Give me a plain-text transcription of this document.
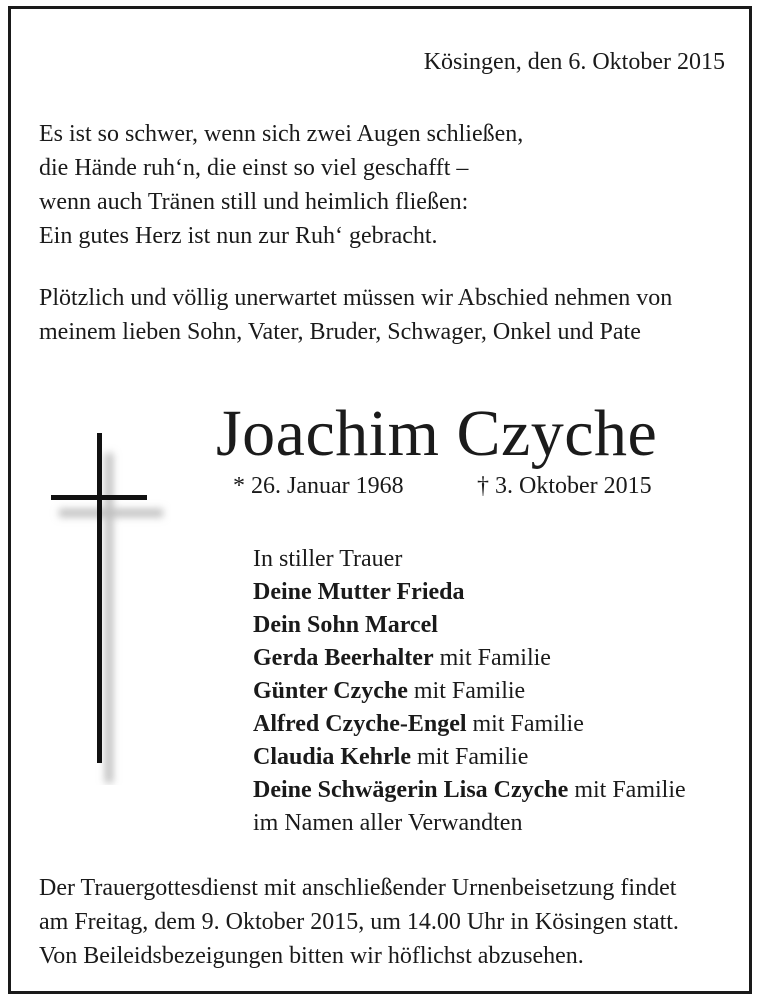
Kösingen, den 6. Oktober 2015
Es ist so schwer, wenn sich zwei Augen schließen,
die Hände ruh‘n, die einst so viel geschafft –
wenn auch Tränen still und heimlich fließen:
Ein gutes Herz ist nun zur Ruh‘ gebracht.
Plötzlich und völlig unerwartet müssen wir Abschied nehmen von
meinem lieben Sohn, Vater, Bruder, Schwager, Onkel und Pate
Joachim Czyche
* 26. Januar 1968	† 3. Oktober 2015
In stiller Trauer
Deine Mutter Frieda
Dein Sohn Marcel
Gerda Beerhalter mit Familie
Günter Czyche mit Familie
Alfred Czyche-Engel mit Familie
Claudia Kehrle mit Familie
Deine Schwägerin Lisa Czyche mit Familie
im Namen aller Verwandten
Der Trauergottesdienst mit anschließender Urnenbeisetzung findet
am Freitag, dem 9. Oktober 2015, um 14.00 Uhr in Kösingen statt.
Von Beileidsbezeigungen bitten wir höflichst abzusehen.
